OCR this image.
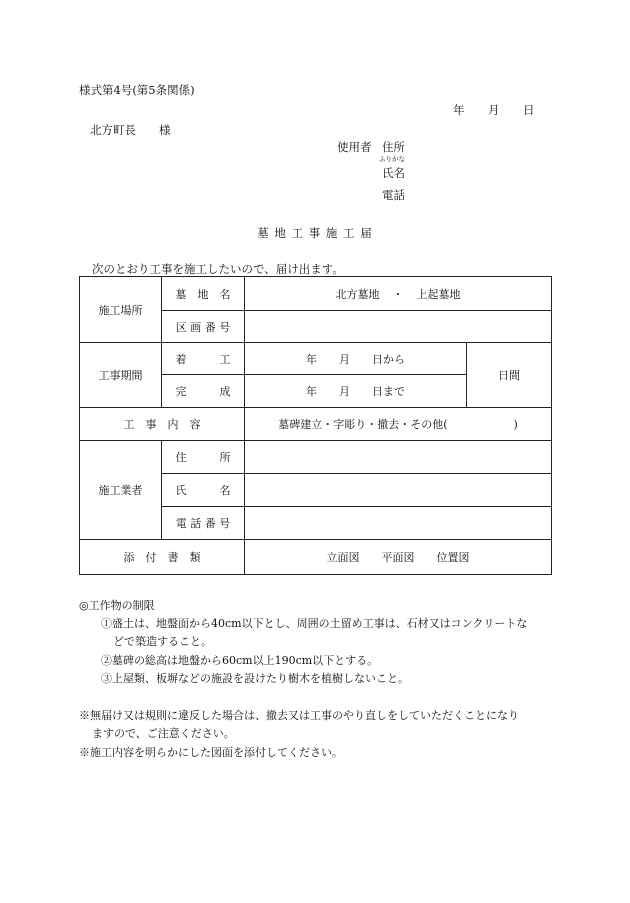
様式第4号(第5条関係)
年 月 日
北方町長　　様
使用者 住所
ふりがな
氏名
電話
墓 地 工 事 施 工 届
次のとおり工事を施工したいので、届け出ます。
施工場所	墓　地　名	北方墓地 ・ 上起墓地	
	区 画 番 号		
工事期間	着　　　工	年　　月　　日から	日間
	完　　　成	年　　月　　日まで	
工　事　内　容		墓碑建立・字彫り・撤去・その他(　　　　　　)	
施工業者	住　　　所		
	氏　　　名		
	電 話 番 号		
添　付　書　類		立面図　　平面図　　位置図	
◎工作物の制限
①盛土は、地盤面から40cm以下とし、周囲の土留め工事は、石材又はコンクリートな
どで築造すること。
②墓碑の総高は地盤から60cm以上190cm以下とする。
③上屋類、板塀などの施設を設けたり樹木を植樹しないこと。
※無届け又は規則に違反した場合は、撤去又は工事のやり直しをしていただくことになり
ますので、ご注意ください。
※施工内容を明らかにした図面を添付してください。
